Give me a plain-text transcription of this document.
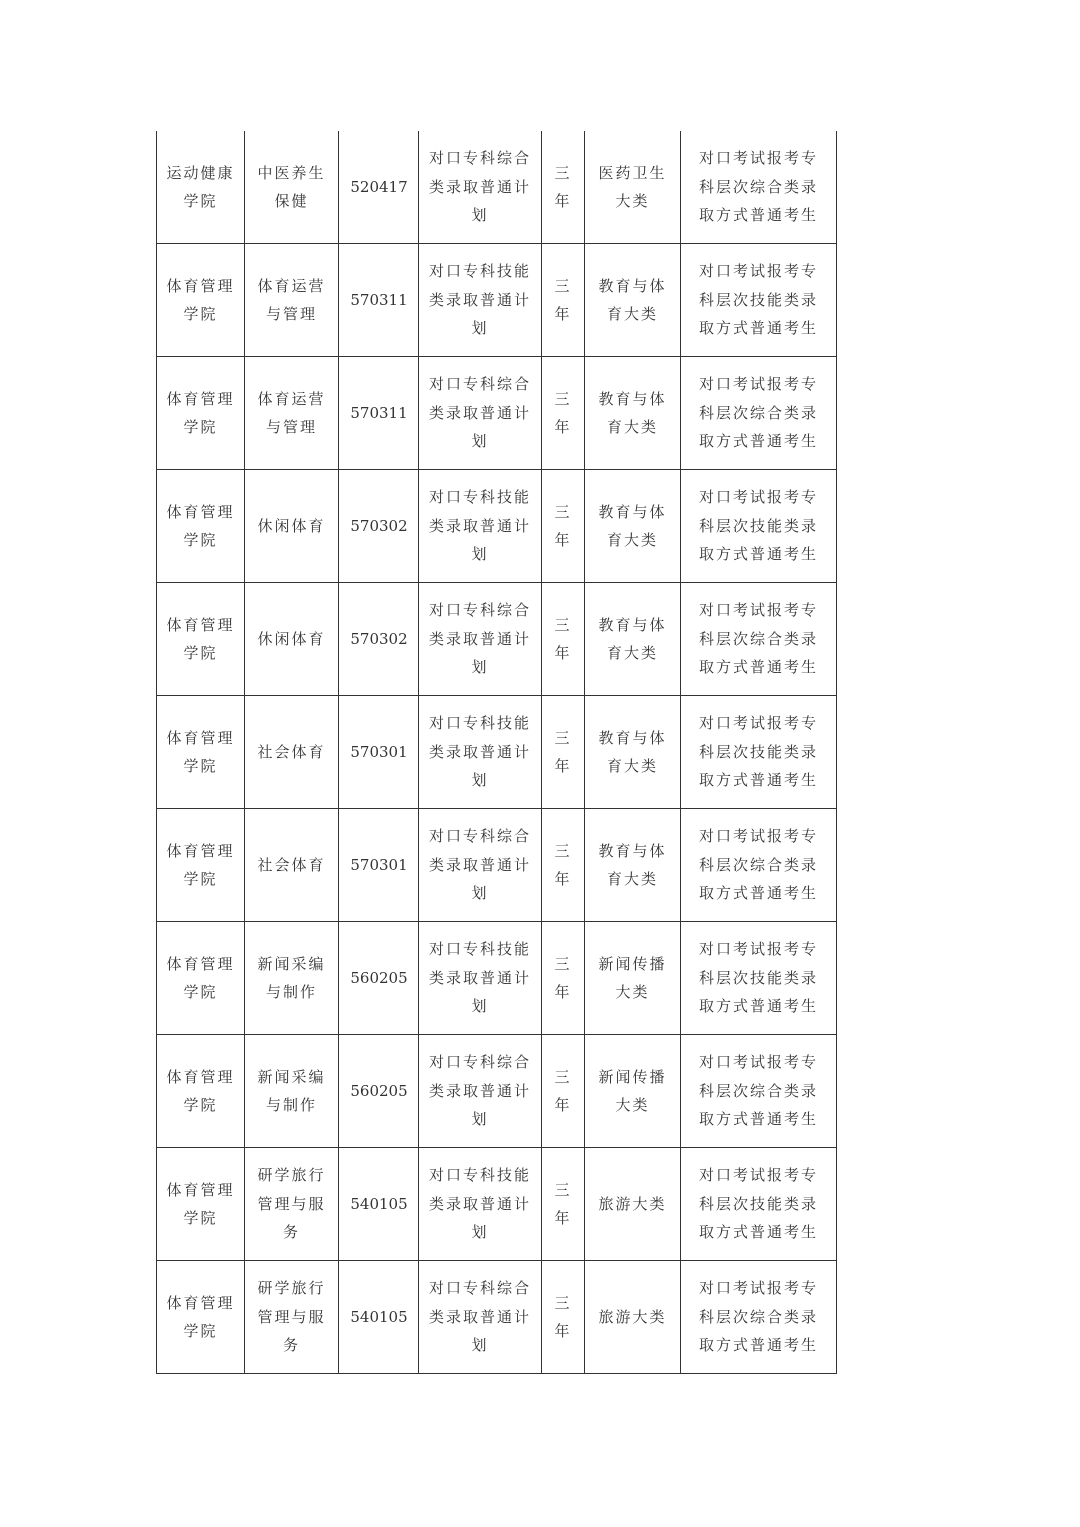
运动健康学院	中医养生保健	520417	对口专科综合类录取普通计划	三年	医药卫生大类	对口考试报考专科层次综合类录取方式普通考生
体育管理学院	体育运营与管理	570311	对口专科技能类录取普通计划	三年	教育与体育大类	对口考试报考专科层次技能类录取方式普通考生
体育管理学院	体育运营与管理	570311	对口专科综合类录取普通计划	三年	教育与体育大类	对口考试报考专科层次综合类录取方式普通考生
体育管理学院	休闲体育	570302	对口专科技能类录取普通计划	三年	教育与体育大类	对口考试报考专科层次技能类录取方式普通考生
体育管理学院	休闲体育	570302	对口专科综合类录取普通计划	三年	教育与体育大类	对口考试报考专科层次综合类录取方式普通考生
体育管理学院	社会体育	570301	对口专科技能类录取普通计划	三年	教育与体育大类	对口考试报考专科层次技能类录取方式普通考生
体育管理学院	社会体育	570301	对口专科综合类录取普通计划	三年	教育与体育大类	对口考试报考专科层次综合类录取方式普通考生
体育管理学院	新闻采编与制作	560205	对口专科技能类录取普通计划	三年	新闻传播大类	对口考试报考专科层次技能类录取方式普通考生
体育管理学院	新闻采编与制作	560205	对口专科综合类录取普通计划	三年	新闻传播大类	对口考试报考专科层次综合类录取方式普通考生
体育管理学院	研学旅行管理与服务	540105	对口专科技能类录取普通计划	三年	旅游大类	对口考试报考专科层次技能类录取方式普通考生
体育管理学院	研学旅行管理与服务	540105	对口专科综合类录取普通计划	三年	旅游大类	对口考试报考专科层次综合类录取方式普通考生
